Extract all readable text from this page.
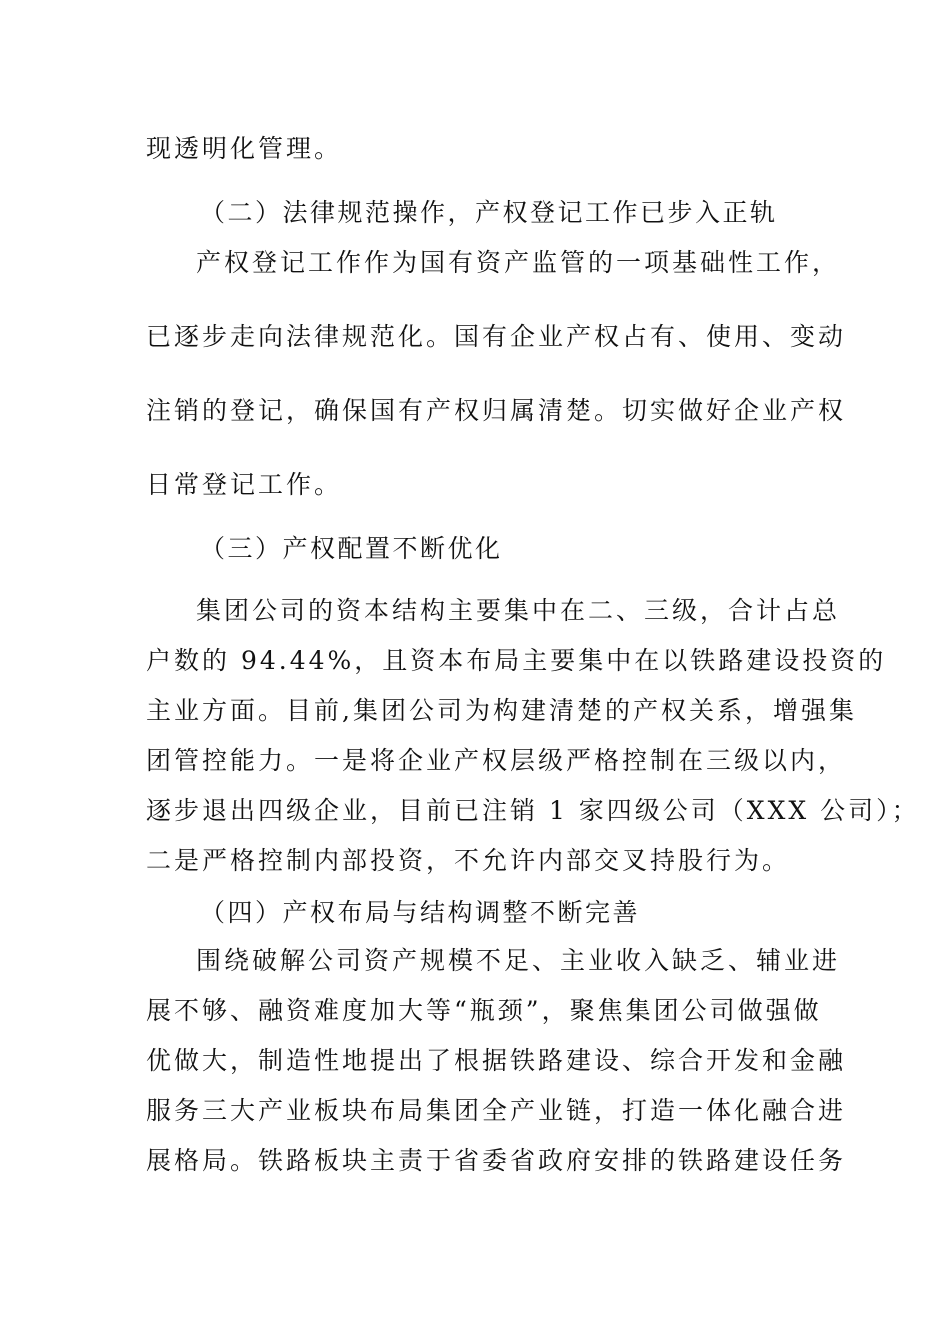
现透明化管理。
（二）法律规范操作，产权登记工作已步入正轨
产权登记工作作为国有资产监管的一项基础性工作，
已逐步走向法律规范化。国有企业产权占有、使用、变动
注销的登记，确保国有产权归属清楚。切实做好企业产权
日常登记工作。
（三）产权配置不断优化
集团公司的资本结构主要集中在二、三级，合计占总
户数的 94.44%，且资本布局主要集中在以铁路建设投资的
主业方面。目前,集团公司为构建清楚的产权关系，增强集
团管控能力。一是将企业产权层级严格控制在三级以内，
逐步退出四级企业，目前已注销 1 家四级公司（XXX 公司）；
二是严格控制内部投资，不允许内部交叉持股行为。
（四）产权布局与结构调整不断完善
围绕破解公司资产规模不足、主业收入缺乏、辅业进
展不够、融资难度加大等“瓶颈”，聚焦集团公司做强做
优做大，制造性地提出了根据铁路建设、综合开发和金融
服务三大产业板块布局集团全产业链，打造一体化融合进
展格局。铁路板块主责于省委省政府安排的铁路建设任务
